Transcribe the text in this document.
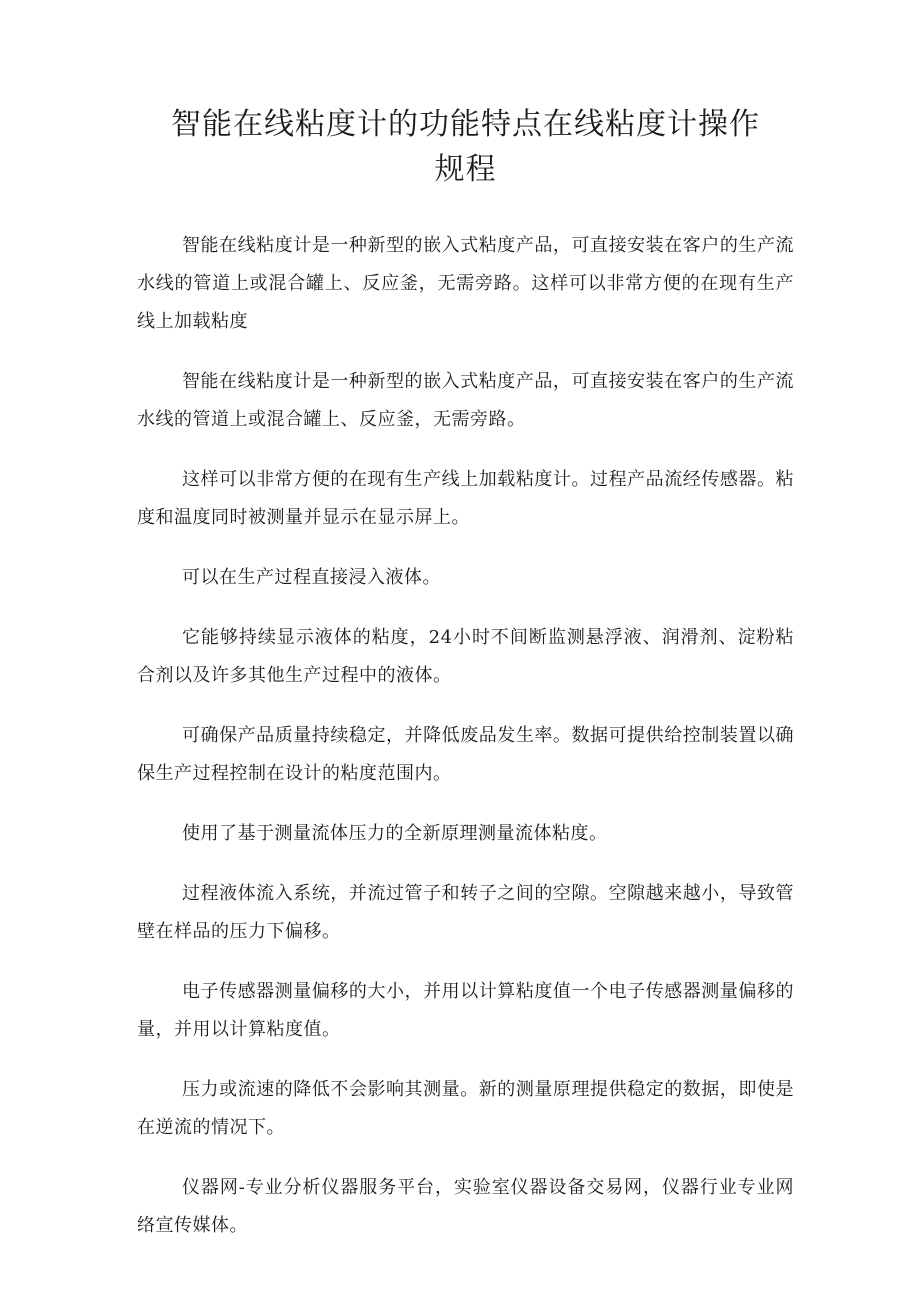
智能在线粘度计的功能特点在线粘度计操作
规程

智能在线粘度计是一种新型的嵌入式粘度产品，可直接安装在客户的生产流水线的管道上或混合罐上、反应釜，无需旁路。这样可以非常方便的在现有生产线上加载粘度

智能在线粘度计是一种新型的嵌入式粘度产品，可直接安装在客户的生产流水线的管道上或混合罐上、反应釜，无需旁路。

这样可以非常方便的在现有生产线上加载粘度计。过程产品流经传感器。粘度和温度同时被测量并显示在显示屏上。

可以在生产过程直接浸入液体。

它能够持续显示液体的粘度，24小时不间断监测悬浮液、润滑剂、淀粉粘合剂以及许多其他生产过程中的液体。

可确保产品质量持续稳定，并降低废品发生率。数据可提供给控制装置以确保生产过程控制在设计的粘度范围内。

使用了基于测量流体压力的全新原理测量流体粘度。

过程液体流入系统，并流过管子和转子之间的空隙。空隙越来越小，导致管壁在样品的压力下偏移。

电子传感器测量偏移的大小，并用以计算粘度值一个电子传感器测量偏移的量，并用以计算粘度值。

压力或流速的降低不会影响其测量。新的测量原理提供稳定的数据，即使是在逆流的情况下。

仪器网-专业分析仪器服务平台，实验室仪器设备交易网，仪器行业专业网络宣传媒体。
